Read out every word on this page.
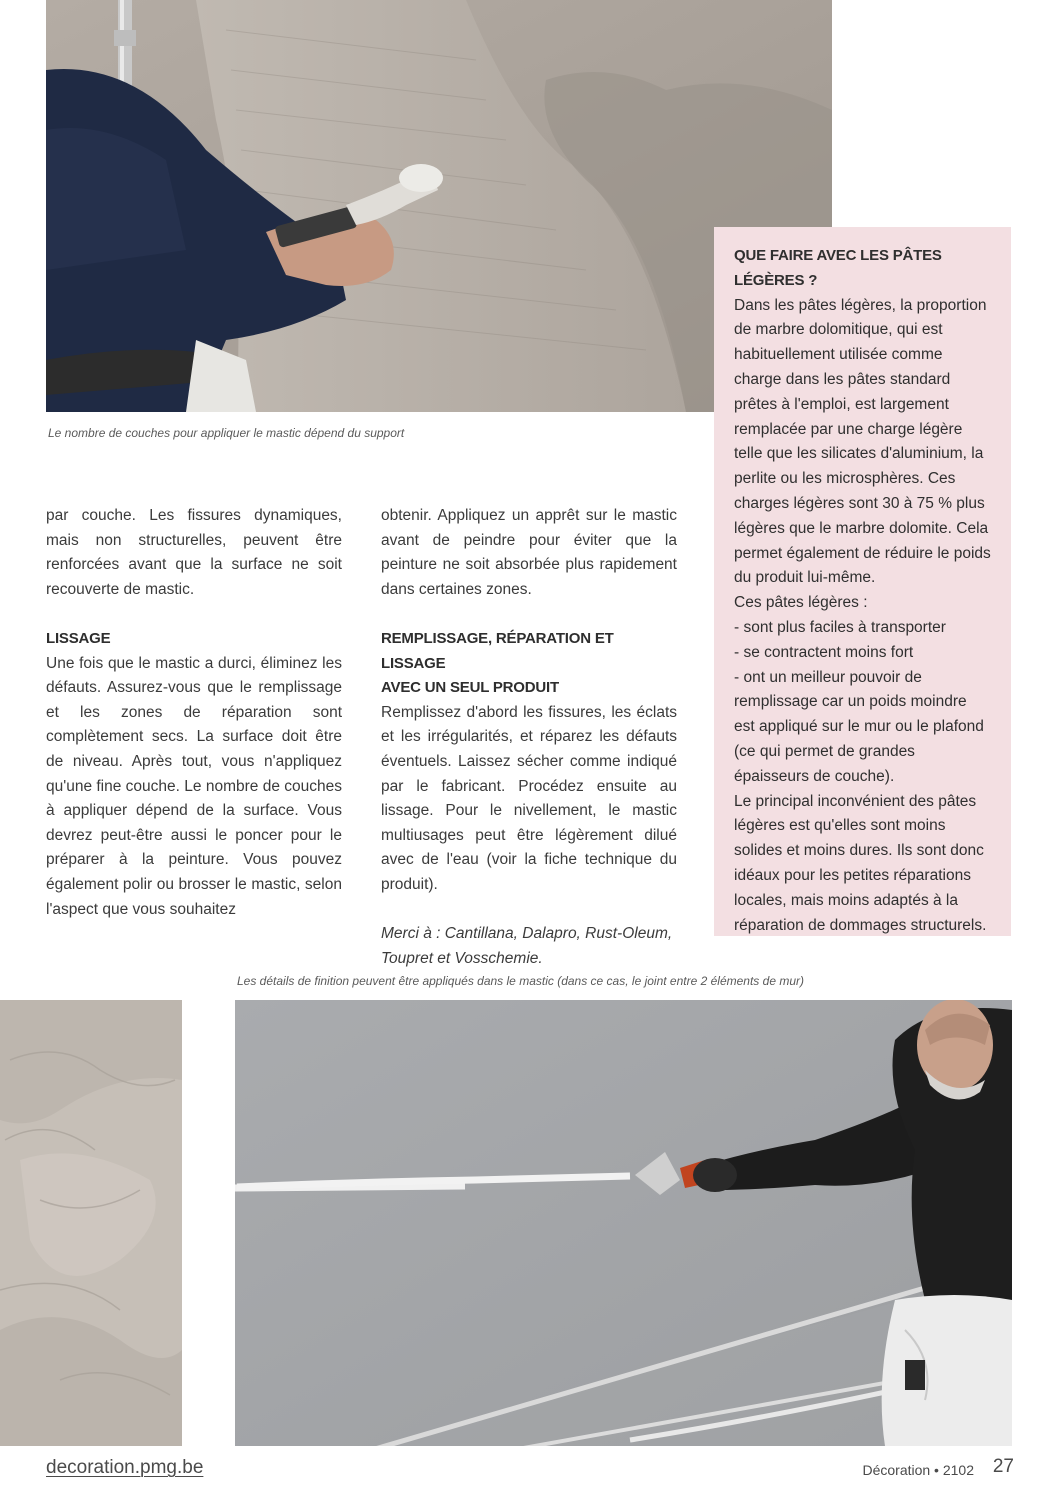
Le nombre de couches pour appliquer le mastic dépend du support

par couche. Les fissures dynamiques, mais non structurelles, peuvent être renforcées avant que la surface ne soit recouverte de mastic.

LISSAGE

Une fois que le mastic a durci, éliminez les défauts. Assurez-vous que le remplissage et les zones de réparation sont complètement secs. La surface doit être de niveau. Après tout, vous n'appliquez qu'une fine couche. Le nombre de couches à appliquer dépend de la surface. Vous devrez peut-être aussi le poncer pour le préparer à la peinture. Vous pouvez également polir ou brosser le mastic, selon l'aspect que vous souhaitez

obtenir. Appliquez un apprêt sur le mastic avant de peindre pour éviter que la peinture ne soit absorbée plus rapidement dans certaines zones.

REMPLISSAGE, RÉPARATION ET LISSAGE
AVEC UN SEUL PRODUIT

Remplissez d'abord les fissures, les éclats et les irrégularités, et réparez les défauts éventuels. Laissez sécher comme indiqué par le fabricant. Procédez ensuite au lissage. Pour le nivellement, le mastic multiusages peut être légèrement dilué avec de l'eau (voir la fiche technique du produit).

Merci à : Cantillana, Dalapro, Rust-Oleum, Toupret et Vosschemie.

QUE FAIRE AVEC LES PÂTES LÉGÈRES ?

Dans les pâtes légères, la proportion de marbre dolomitique, qui est habituellement utilisée comme charge dans les pâtes standard prêtes à l'emploi, est largement remplacée par une charge légère telle que les silicates d'aluminium, la perlite ou les microsphères. Ces charges légères sont 30 à 75 % plus légères que le marbre dolomite. Cela permet également de réduire le poids du produit lui-même.

Ces pâtes légères :

- sont plus faciles à transporter

- se contractent moins fort

- ont un meilleur pouvoir de remplissage car un poids moindre est appliqué sur le mur ou le plafond (ce qui permet de grandes épaisseurs de couche).

Le principal inconvénient des pâtes légères est qu'elles sont moins solides et moins dures. Ils sont donc idéaux pour les petites réparations locales, mais moins adaptés à la réparation de dommages structurels.

Les détails de finition peuvent être appliqués dans le mastic (dans ce cas, le joint entre 2 éléments de mur)
decoration.pmg.be	Décoration • 2102 27
